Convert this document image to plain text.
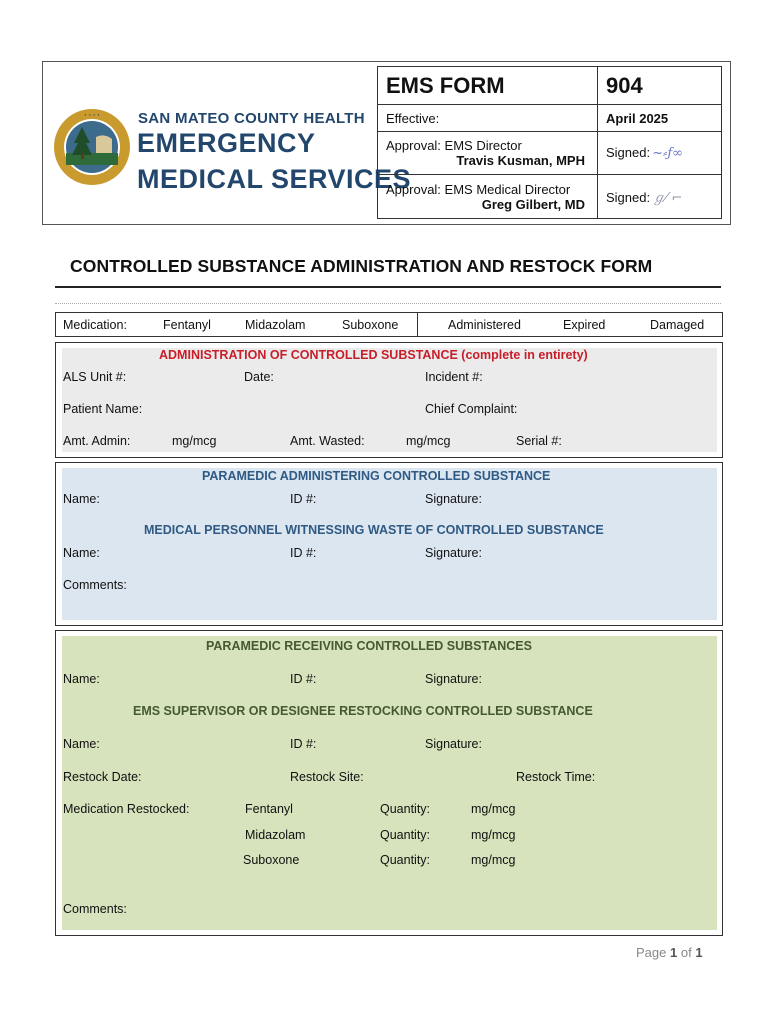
· · · ·	SAN MATEO COUNTY HEALTH
EMERGENCY
MEDICAL SERVICES
EMS FORM	904
Effective:	April 2025
Approval: EMS Director
Travis Kusman, MPH	Signed: ~⸗ƒ∞
Approval: EMS Medical Director
Greg Gilbert, MD	Signed: ℊ⁄ ⌐
CONTROLLED SUBSTANCE ADMINISTRATION AND RESTOCK FORM
Medication:	Fentanyl	Midazolam	Suboxone	Administered	Expired	Damaged
ADMINISTRATION OF CONTROLLED SUBSTANCE (complete in entirety)
ALS Unit #:	Date:	Incident #:
Patient Name:	Chief Complaint:
Amt. Admin:	mg/mcg	Amt. Wasted:	mg/mcg	Serial #:
PARAMEDIC ADMINISTERING CONTROLLED SUBSTANCE
Name:	ID #:	Signature:
MEDICAL PERSONNEL WITNESSING WASTE OF CONTROLLED SUBSTANCE
Name:	ID #:	Signature:
Comments:
PARAMEDIC RECEIVING CONTROLLED SUBSTANCES
Name:	ID #:	Signature:
EMS SUPERVISOR OR DESIGNEE RESTOCKING CONTROLLED SUBSTANCE
Name:	ID #:	Signature:
Restock Date:	Restock Site:	Restock Time:
Medication Restocked:	Fentanyl	Quantity:	mg/mcg
Midazolam	Quantity:	mg/mcg
Suboxone	Quantity:	mg/mcg
Comments:
Page 1 of 1
